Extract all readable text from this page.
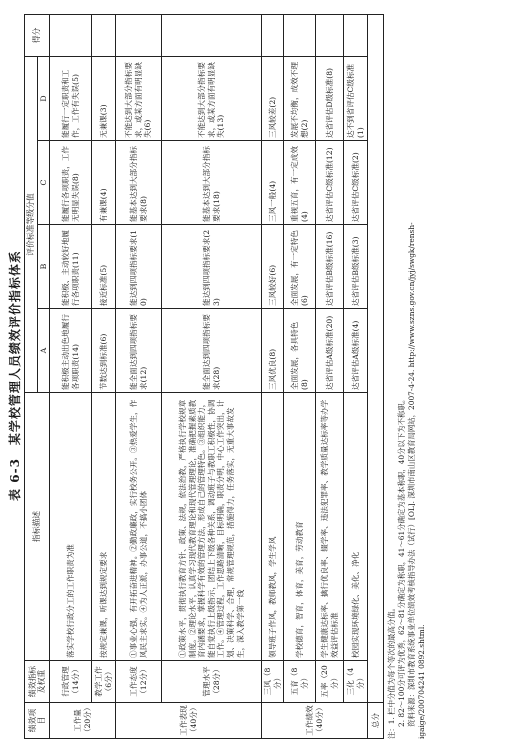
表 6-3　某学校管理人员绩效评价指标体系
绩效项目	绩效指标及权重	指标描述	评价标准等级分值				得分
			A	B	C	D	
工作量（20分）	行政管理（14分）	落实学校行政分工的工作职责为准	能积极主动出色地履行各项职责(14)	能积极、主动较好地履行各项职责(11)	能履行各项职责，工作无明显失误(8)	能履行一定职责和工作，工作有失误(5)	
	教学工作（6分）	按规定兼课，听课达到规定要求	节数达到标准(6)	接近标准(5)	有兼课(4)	无兼课(3)	
工作表现（40分）	工作态度（12分）	①事业心强，有开拓奋进精神。②勤政廉政，实行校务公开。③热爱学生，作风民主求实。④为人正派，办事公道，不搞小团体	能全面达到四项指标要求(12)	能达到四项指标要求(10)	能基本达到大部分指标要求(8)	不能达到大部分指标要求，或某方面有明显缺失(6)	
	管理水平（28分）	①政策水平，贯彻执行教育方针、政策、法规，依法治教，严格执行学校规章制度。②理论水平，认真学习现代教育理论和现代管理理论，准确把握素质教育内涵要求，掌握科学有效的管理方法，形成自己的管理特色。③组织能力，能自觉执行上级指示，团结上下级各种关系，调动班子与教职工积极性，协调工作。④管理过程，工作思路清晰，目标明确，职责分明，中心工作突出，计划、决策科学、合理，常规管理规范，措施得力，任务落实，无重大事故发生，深入教学第一线	能全面达到四项指标要求(28)	能达到四项指标要求(23)	能基本达到大部分指标要求(18)	不能达到大部分指标要求，或某方面有明显缺失(13)	
工作绩效（40分）	三风（8分）	领导班子作风，教师教风，学生学风	三风优良(8)	三风较好(6)	三风一般(4)	三风较差(2)	
	五育（8分）	学校德育，智育，体育，美育，劳动教育	全面发展，各具特色(8)	全面发展，有一定特色(6)	重视五育，有一定成效(4)	发展不均衡，成效不理想(2)	
	五率（20分）	学生健康达标率、擒行优良率、辍学率、违法犯罪率、教学质量达标率等办学效益评估标准	达省评估A级标准(20)	达省评估B级标准(16)	达省评估C级标准(12)	达省评估D级标准(8)	
	三化（4分）	校园实现环境绿化、美化、净化	达省评估A级标准(4)	达省评估B级标准(3)	达省评估C级标准(2)	达不到省评估C级标准(1)	
总分							注：1. 栏中分值为每个等次的最高分值。 2. 82～100分可评为优秀，62～81分确定为称职，41～61分确定为基本称职，40分以下为不称职。 资料来源：深圳市教育系统事业单位绩效考核指导办法（试行）[OL]. 深圳市南山区教育局网站，2007-4-24. http://www.szns.gov.cn/jyj/swgk/rensh- igaige/200704241 0892.shtml.
